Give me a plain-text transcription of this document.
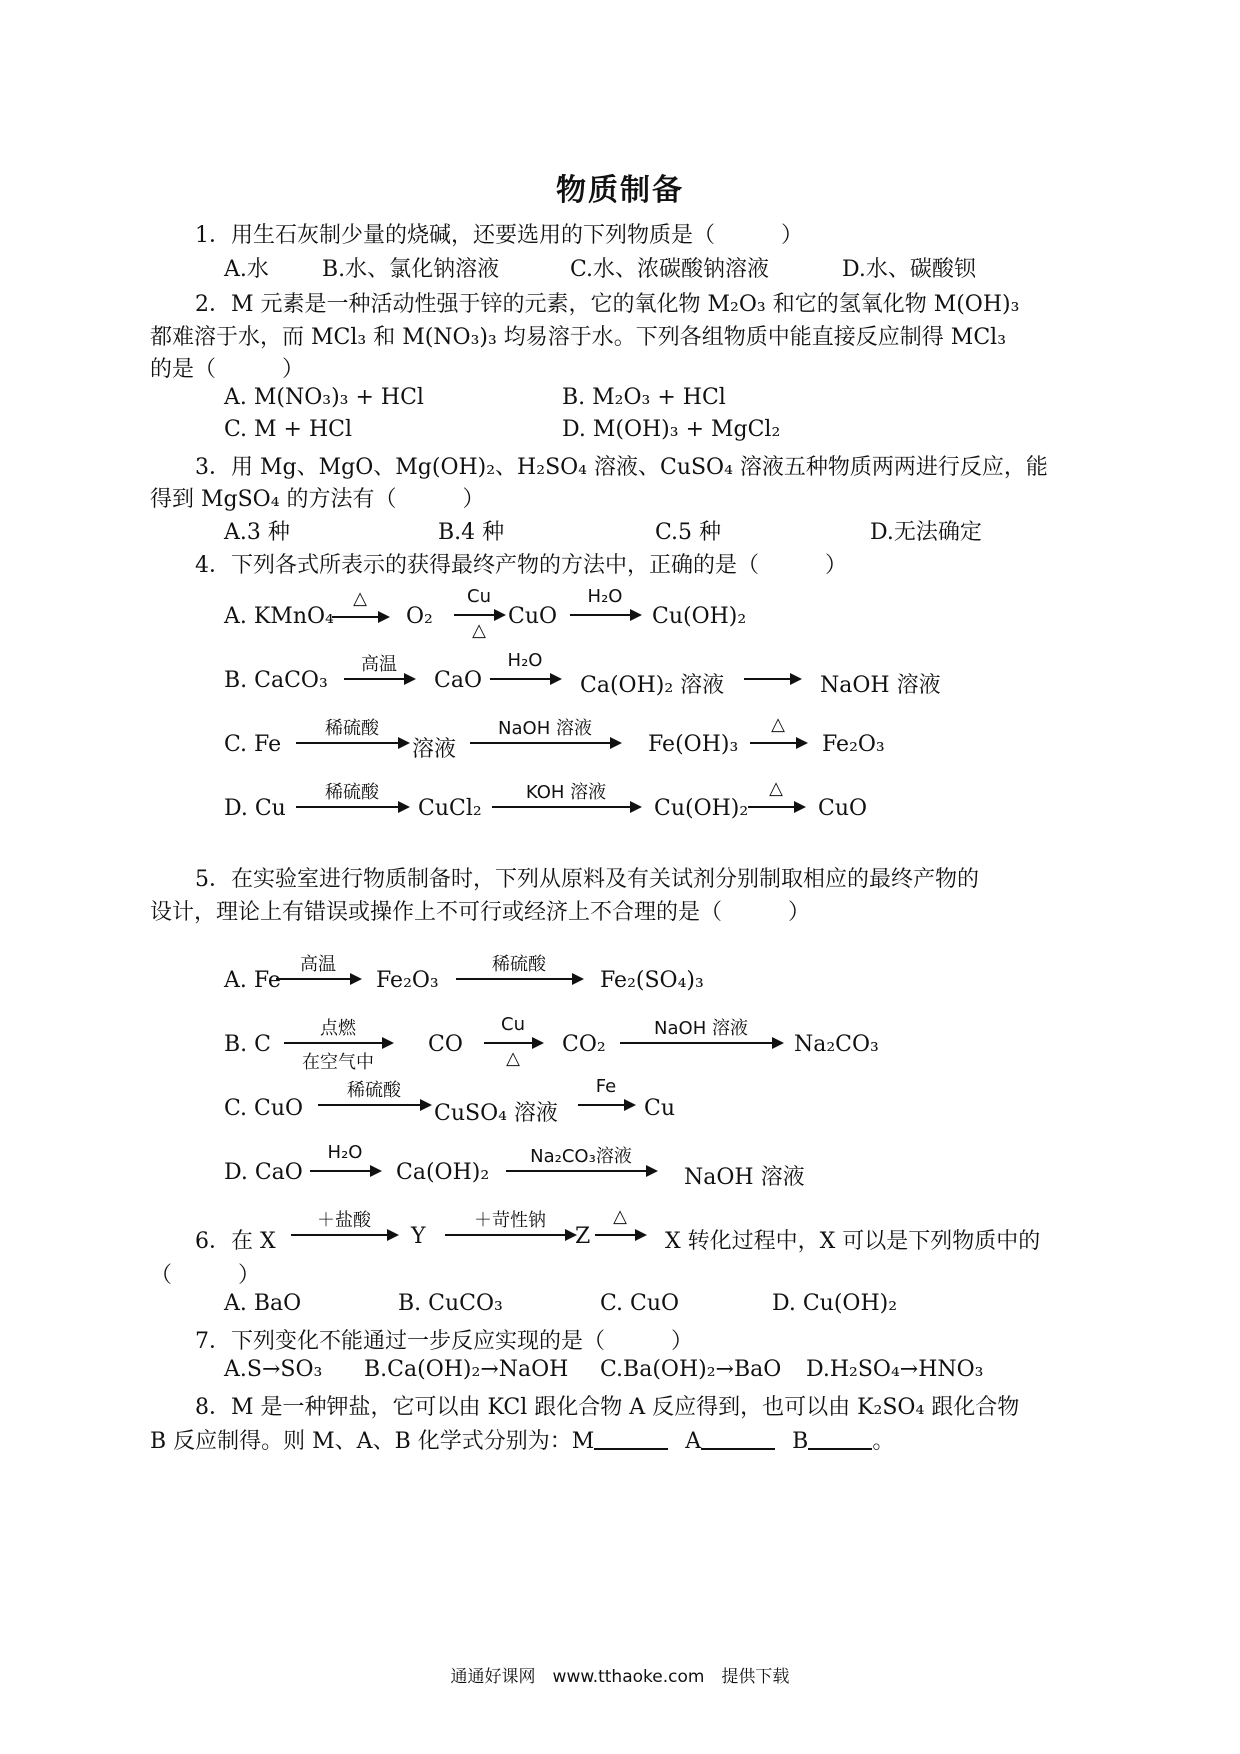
物质制备
1．用生石灰制少量的烧碱，还要选用的下列物质是（　　　）
A.水 B.水、氯化钠溶液	C.水、浓碳酸钠溶液	D.水、碳酸钡
2．M 元素是一种活动性强于锌的元素，它的氧化物 M₂O₃ 和它的氢氧化物 M(OH)₃
都难溶于水，而 MCl₃ 和 M(NO₃)₃ 均易溶于水。下列各组物质中能直接反应制得 MCl₃
的是（　　　）
A. M(NO₃)₃ + HCl	B. M₂O₃ + HCl
C. M + HCl	D. M(OH)₃ + MgCl₂
3．用 Mg、MgO、Mg(OH)₂、H₂SO₄ 溶液、CuSO₄ 溶液五种物质两两进行反应，能
得到 MgSO₄ 的方法有（　　　）
A.3 种	B.4 种	C.5 种	D.无法确定
4．下列各式所表示的获得最终产物的方法中，正确的是（　　　）
A. KMnO₄
△
O₂
Cu
△
CuO
H₂O
Cu(OH)₂
B. CaCO₃
高温
CaO
H₂O
Ca(OH)₂ 溶液	NaOH 溶液
C. Fe
稀硫酸
溶液
NaOH 溶液
Fe(OH)₃
△
Fe₂O₃
D. Cu
稀硫酸
CuCl₂
KOH 溶液
Cu(OH)₂
△
CuO
5．在实验室进行物质制备时，下列从原料及有关试剂分别制取相应的最终产物的
设计，理论上有错误或操作上不可行或经济上不合理的是（　　　）
A. Fe
高温
Fe₂O₃
稀硫酸
Fe₂(SO₄)₃
B. C
点燃
在空气中
CO
Cu
△
CO₂
NaOH 溶液
Na₂CO₃
C. CuO
稀硫酸
CuSO₄ 溶液
Fe
Cu
D. CaO
H₂O
Ca(OH)₂
Na₂CO₃溶液
NaOH 溶液
6．在 X
＋盐酸
Y
＋苛性钠
Z
△
X 转化过程中，X 可以是下列物质中的
（　　　）
A. BaO	B. CuCO₃	C. CuO	D. Cu(OH)₂
7．下列变化不能通过一步反应实现的是（　　　）
A.S→SO₃ B.Ca(OH)₂→NaOH C.Ba(OH)₂→BaO D.H₂SO₄→HNO₃
8．M 是一种钾盐，它可以由 KCl 跟化合物 A 反应得到，也可以由 K₂SO₄ 跟化合物
B 反应制得。则 M、A、B 化学式分别为：M	A	B	。
通通好课网　www.tthaoke.com　提供下载
